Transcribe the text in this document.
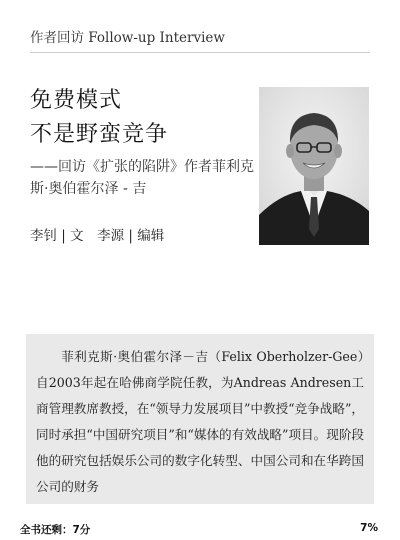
作者回访 Follow-up Interview
免费模式
不是野蛮竞争
——回访《扩张的陷阱》作者菲利克斯·奥伯霍尔泽 - 吉
李钊 | 文　李源 | 编辑

菲利克斯·奥伯霍尔泽－吉（Felix Oberholzer-Gee）自2003年起在哈佛商学院任教，为Andreas Andresen工商管理教席教授，在“领导力发展项目”中教授“竞争战略”，同时承担“中国研究项目”和“媒体的有效战略”项目。现阶段他的研究包括娱乐公司的数字化转型、中国公司和在华跨国公司的财务

全书还剩：7分	7%
